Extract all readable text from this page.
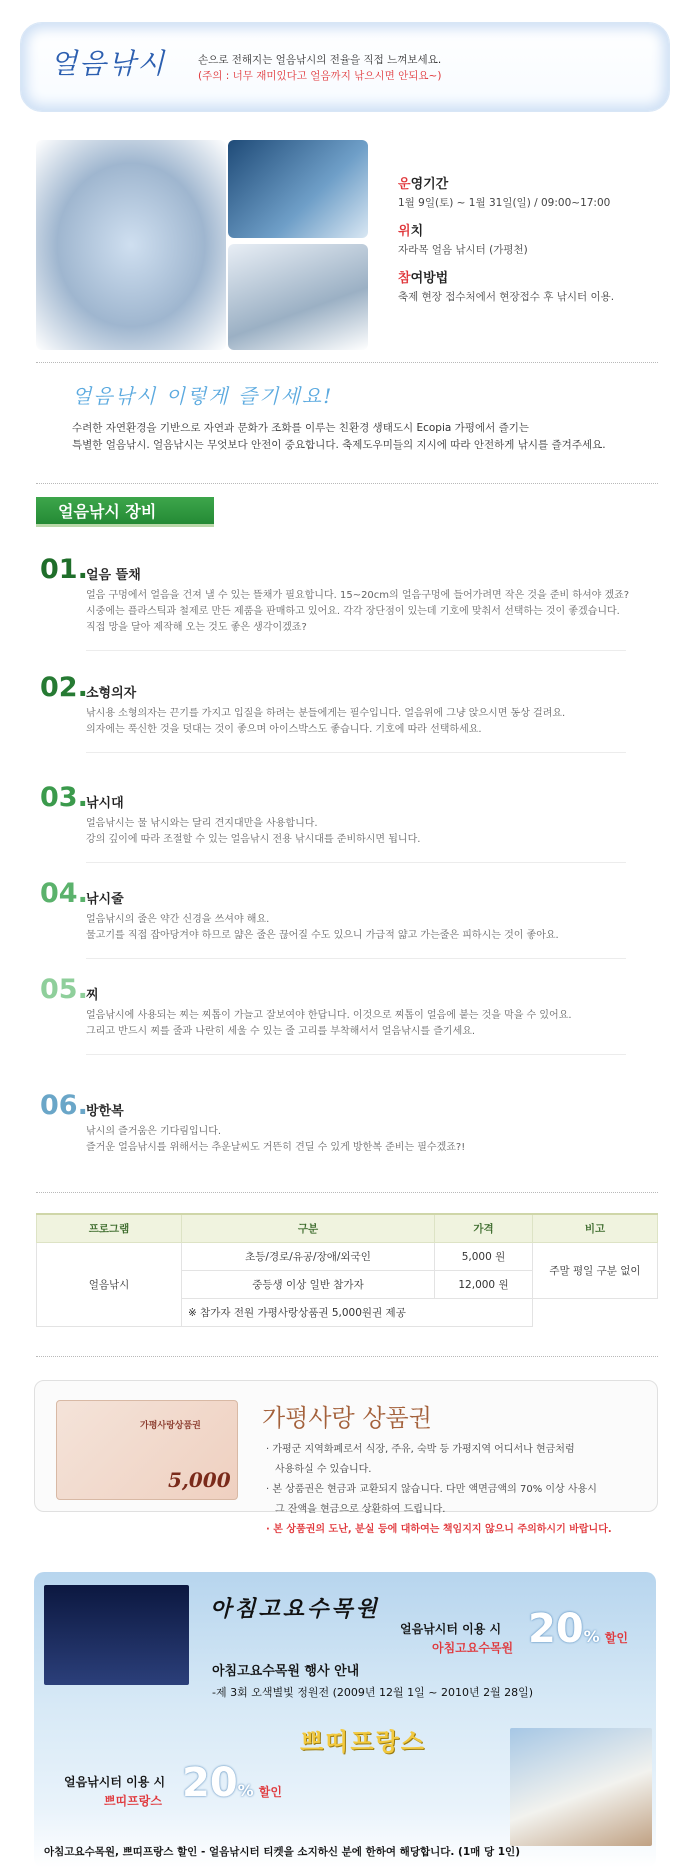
얼음낚시	손으로 전해지는 얼음낚시의 전율을 직접 느껴보세요.
(주의 : 너무 재미있다고 얼음까지 낚으시면 안되요~)
운영기간
1월 9일(토) ~ 1월 31일(일) / 09:00~17:00
위치
자라목 얼음 낚시터 (가평천)
참여방법
축제 현장 접수처에서 현장접수 후 낚시터 이용.
얼음낚시 이렇게 즐기세요!
수려한 자연환경을 기반으로 자연과 문화가 조화를 이루는 친환경 생태도시 Ecopia 가평에서 즐기는
특별한 얼음낚시. 얼음낚시는 무엇보다 안전이 중요합니다. 축제도우미들의 지시에 따라 안전하게 낚시를 즐겨주세요.
얼음낚시 장비
01.
얼음 뜰채
얼음 구멍에서 얼음을 건져 낼 수 있는 뜰채가 필요합니다. 15~20cm의 얼음구멍에 들어가려면 작은 것을 준비 하셔야 겠죠?
시중에는 플라스틱과 철제로 만든 제품을 판매하고 있어요. 각각 장단점이 있는데 기호에 맞춰서 선택하는 것이 좋겠습니다.
직접 망을 달아 제작해 오는 것도 좋은 생각이겠죠?
02.
소형의자
낚시용 소형의자는 끈기를 가지고 입질을 하려는 분들에게는 필수입니다. 얼음위에 그냥 앉으시면 동상 걸려요.
의자에는 푹신한 것을 덧대는 것이 좋으며 아이스박스도 좋습니다. 기호에 따라 선택하세요.
03.
낚시대
얼음낚시는 물 낚시와는 달리 견지대만을 사용합니다.
강의 깊이에 따라 조절할 수 있는 얼음낚시 전용 낚시대를 준비하시면 됩니다.
04.
낚시줄
얼음낚시의 줄은 약간 신경을 쓰셔야 해요.
물고기를 직접 잡아당겨야 하므로 얇은 줄은 끊어질 수도 있으니 가급적 얇고 가는줄은 피하시는 것이 좋아요.
05.
찌
얼음낚시에 사용되는 찌는 찌톱이 가늘고 잘보여야 한답니다. 이것으로 찌톱이 얼음에 붙는 것을 막을 수 있어요.
그리고 반드시 찌를 줄과 나란히 세울 수 있는 줄 고리를 부착해서서 얼음낚시를 즐기세요.
06.
방한복
낚시의 즐거움은 기다림입니다.
즐거운 얼음낚시를 위해서는 추운날씨도 거뜬히 견딜 수 있게 방한복 준비는 필수겠죠?!
프로그램	구분	가격	비고
얼음낚시	초등/경로/유공/장애/외국인	5,000 원	주말 평일 구분 없이
	중등생 이상 일반 참가자	12,000 원	
	※ 참가자 전원 가평사랑상품권 5,000원권 제공		
가평사랑상품권
5,000
가평사랑 상품권
· 가평군 지역화폐로서 식장, 주유, 숙박 등 가평지역 어디서나 현금처럼
사용하실 수 있습니다.
· 본 상품권은 현금과 교환되지 않습니다. 다만 액면금액의 70% 이상 사용시
그 잔액을 현금으로 상환하여 드립니다.
· 본 상품권의 도난, 분실 등에 대하여는 책임지지 않으니 주의하시기 바랍니다.
아침고요수목원
얼음낚시터 이용 시
아침고요수목원 20% 할인
아침고요수목원 행사 안내
-제 3회 오색별빛 정원전 (2009년 12월 1일 ~ 2010년 2월 28일)
쁘띠프랑스
얼음낚시터 이용 시
쁘띠프랑스 20% 할인
아침고요수목원, 쁘띠프랑스 할인 - 얼음낚시터 티켓을 소지하신 분에 한하여 해당합니다. (1매 당 1인)
